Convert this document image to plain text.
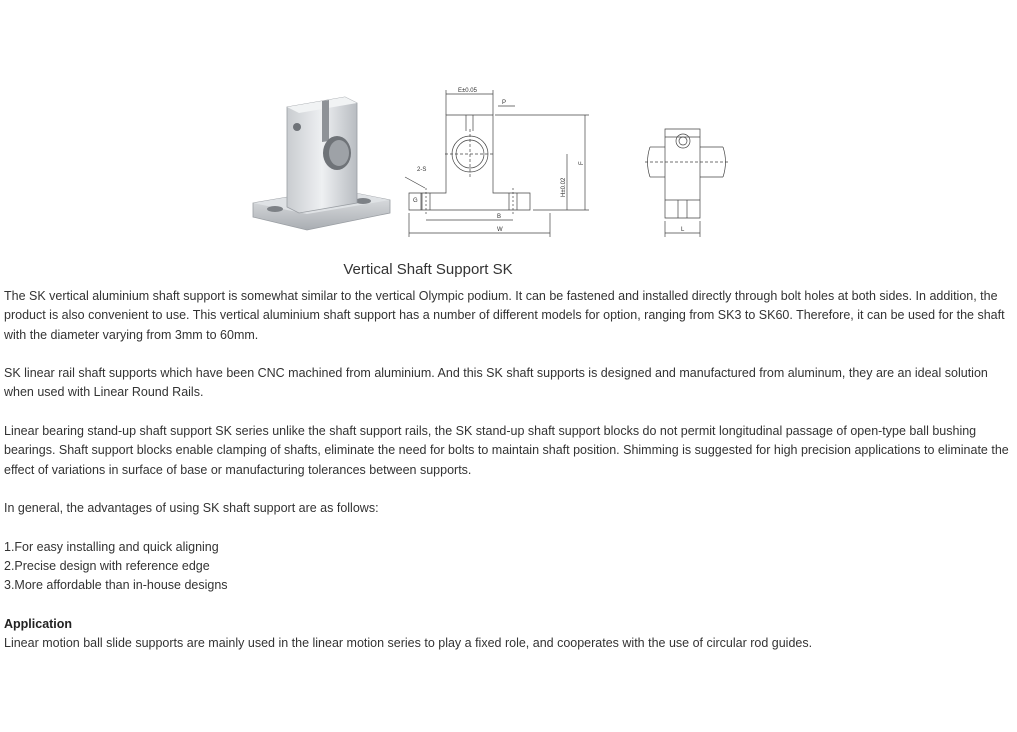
E±0.05
P
2-S
G
B
W
H±0.02
F
L
Vertical Shaft Support SK

The SK vertical aluminium shaft support is somewhat similar to the vertical Olympic podium. It can be fastened and installed directly through bolt holes at both sides. In addition, the product is also convenient to use. This vertical aluminium shaft support has a number of different models for option, ranging from SK3 to SK60. Therefore, it can be used for the shaft with the diameter varying from 3mm to 60mm.

SK linear rail shaft supports which have been CNC machined from aluminium. And this SK shaft supports is designed and manufactured from aluminum, they are an ideal solution when used with Linear Round Rails.

Linear bearing stand-up shaft support SK series unlike the shaft support rails, the SK stand-up shaft support blocks do not permit longitudinal passage of open-type ball bushing bearings. Shaft support blocks enable clamping of shafts, eliminate the need for bolts to maintain shaft position. Shimming is suggested for high precision applications to eliminate the effect of variations in surface of base or manufacturing tolerances between supports.

In general, the advantages of using SK shaft support are as follows:

1.For easy installing and quick aligning
2.Precise design with reference edge
3.More affordable than in-house designs
Application
Linear motion ball slide supports are mainly used in the linear motion series to play a fixed role, and cooperates with the use of circular rod guides.
